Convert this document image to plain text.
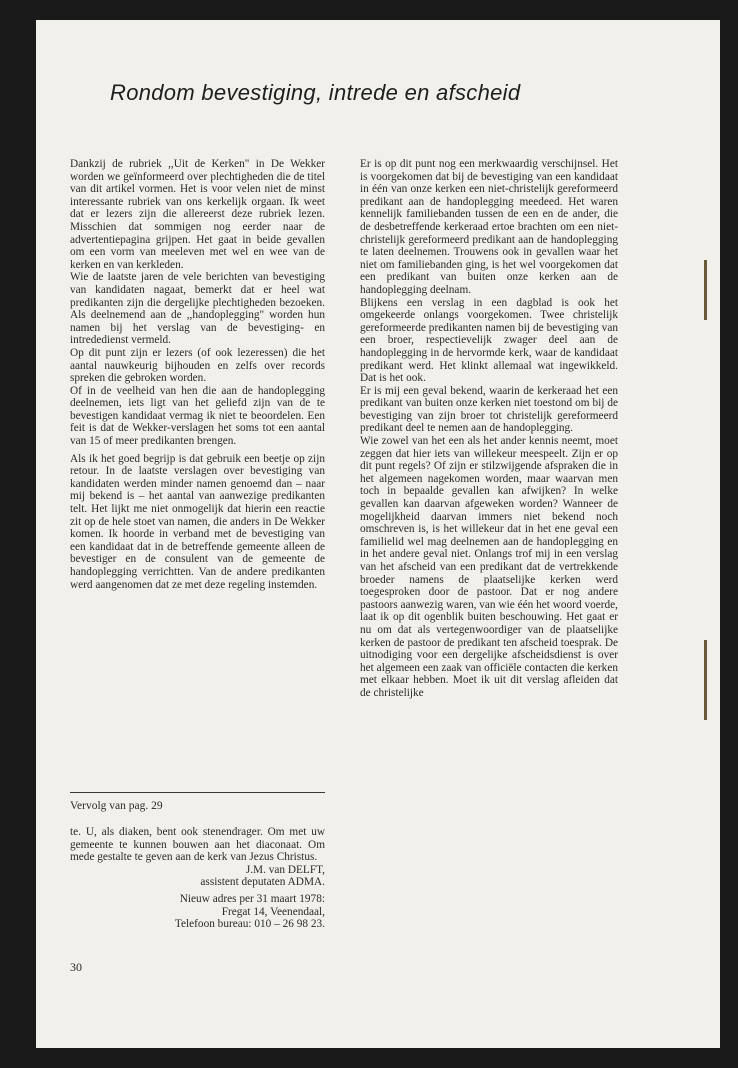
Rondom bevestiging, intrede en afscheid

Dankzij de rubriek ,,Uit de Kerken" in De Wekker worden we geïnformeerd over plechtigheden die de titel van dit artikel vormen. Het is voor velen niet de minst interessante rubriek van ons kerkelijk orgaan. Ik weet dat er lezers zijn die allereerst deze rubriek lezen. Misschien dat sommigen nog eerder naar de advertentiepagina grijpen. Het gaat in beide gevallen om een vorm van meeleven met wel en wee van de kerken en van kerkleden.

Wie de laatste jaren de vele berichten van bevestiging van kandidaten nagaat, bemerkt dat er heel wat predikanten zijn die dergelijke plechtigheden bezoeken. Als deelnemend aan de ,,handoplegging" worden hun namen bij het verslag van de bevestiging- en intrededienst vermeld.

Op dit punt zijn er lezers (of ook lezeressen) die het aantal nauwkeurig bijhouden en zelfs over records spreken die gebroken worden.

Of in de veelheid van hen die aan de handoplegging deelnemen, iets ligt van het geliefd zijn van de te bevestigen kandidaat vermag ik niet te beoordelen. Een feit is dat de Wekker-verslagen het soms tot een aantal van 15 of meer predikanten brengen.

Als ik het goed begrijp is dat gebruik een beetje op zijn retour. In de laatste verslagen over bevestiging van kandidaten werden minder namen genoemd dan – naar mij bekend is – het aantal van aanwezige predikanten telt. Het lijkt me niet onmogelijk dat hierin een reactie zit op de hele stoet van namen, die anders in De Wekker komen. Ik hoorde in verband met de bevestiging van een kandidaat dat in de betreffende gemeente alleen de bevestiger en de consulent van de gemeente de handoplegging verrichtten. Van de andere predikanten werd aangenomen dat ze met deze regeling instemden.

Vervolg van pag. 29

te. U, als diaken, bent ook stenendrager. Om met uw gemeente te kunnen bouwen aan het diaconaat. Om mede gestalte te geven aan de kerk van Jezus Christus.

J.M. van DELFT,

assistent deputaten ADMA.

Nieuw adres per 31 maart 1978:

Fregat 14, Veenendaal,

Telefoon bureau: 010 – 26 98 23.

30

Er is op dit punt nog een merkwaardig verschijnsel. Het is voorgekomen dat bij de bevestiging van een kandidaat in één van onze kerken een niet-christelijk gereformeerd predikant aan de handoplegging meedeed. Het waren kennelijk familiebanden tussen de een en de ander, die de desbetreffende kerkeraad ertoe brachten om een niet-christelijk gereformeerd predikant aan de handoplegging te laten deelnemen. Trouwens ook in gevallen waar het niet om familiebanden ging, is het wel voorgekomen dat een predikant van buiten onze kerken aan de handoplegging deelnam.

Blijkens een verslag in een dagblad is ook het omgekeerde onlangs voorgekomen. Twee christelijk gereformeerde predikanten namen bij de bevestiging van een broer, respectievelijk zwager deel aan de handoplegging in de hervormde kerk, waar de kandidaat predikant werd. Het klinkt allemaal wat ingewikkeld. Dat is het ook.

Er is mij een geval bekend, waarin de kerkeraad het een predikant van buiten onze kerken niet toestond om bij de bevestiging van zijn broer tot christelijk gereformeerd predikant deel te nemen aan de handoplegging.

Wie zowel van het een als het ander kennis neemt, moet zeggen dat hier iets van willekeur meespeelt. Zijn er op dit punt regels? Of zijn er stilzwijgende afspraken die in het algemeen nagekomen worden, maar waarvan men toch in bepaalde gevallen kan afwijken? In welke gevallen kan daarvan afgeweken worden? Wanneer de mogelijkheid daarvan immers niet bekend noch omschreven is, is het willekeur dat in het ene geval een familielid wel mag deelnemen aan de handoplegging en in het andere geval niet. Onlangs trof mij in een verslag van het afscheid van een predikant dat de vertrekkende broeder namens de plaatselijke kerken werd toegesproken door de pastoor. Dat er nog andere pastoors aanwezig waren, van wie één het woord voerde, laat ik op dit ogenblik buiten beschouwing. Het gaat er nu om dat als vertegenwoordiger van de plaatselijke kerken de pastoor de predikant ten afscheid toesprak. De uitnodiging voor een dergelijke afscheidsdienst is over het algemeen een zaak van officiële contacten die kerken met elkaar hebben. Moet ik uit dit verslag afleiden dat de christelijke
